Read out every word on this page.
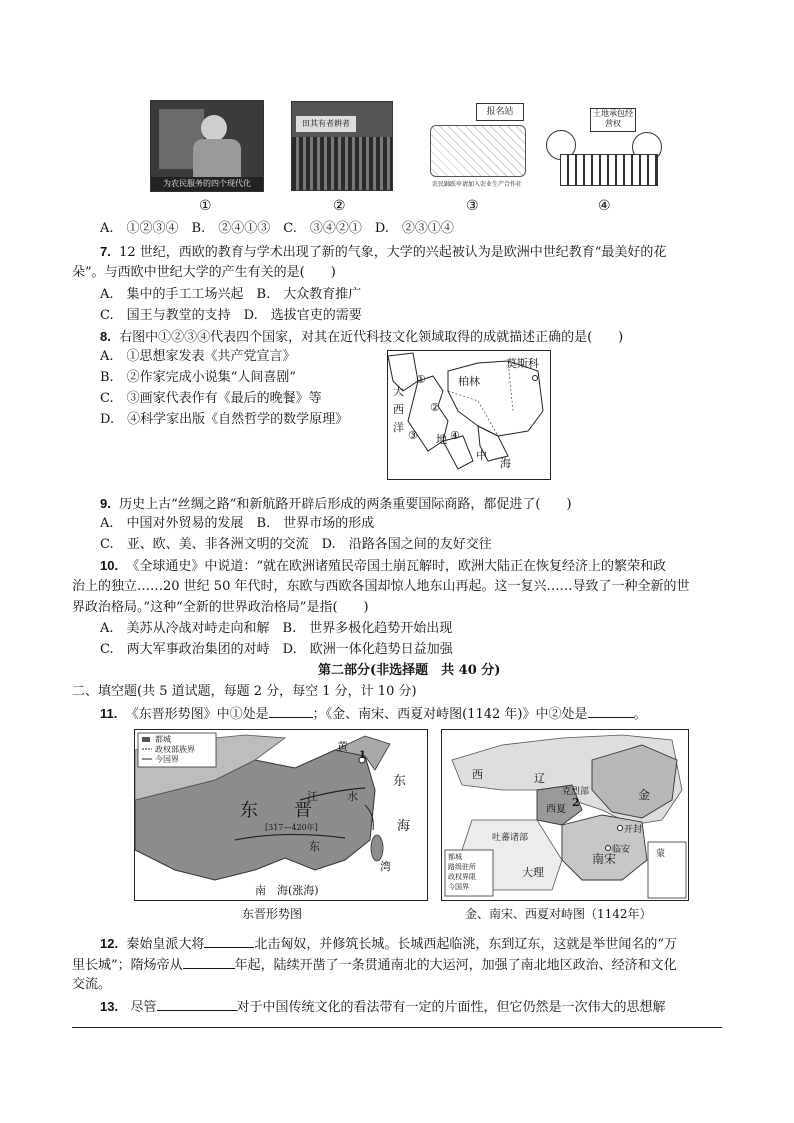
为农民服务的四个现代化
田其有者耕者
报名站
农民踊跃申请加入农业生产合作社
土地承包经营权
①	②	③	④
A.　①②③④　B.　②④①③　C.　③④②①　D.　②③①④
7. 12 世纪，西欧的教育与学术出现了新的气象，大学的兴起被认为是欧洲中世纪教育“最美好的花
朵”。与西欧中世纪大学的产生有关的是(　　)
A.　集中的手工工场兴起　B.　大众教育推广
C.　国王与教堂的支持　D.　选拔官吏的需要
8. 右图中①②③④代表四个国家，对其在近代科技文化领域取得的成就描述正确的是(　　)
A.　①思想家发表《共产党宣言》
B.　②作家完成小说集“人间喜剧”
C.　③画家代表作有《最后的晚餐》等
D.　④科学家出版《自然哲学的数学原理》
莫斯科
柏林
①
②
③	④
大
西
洋
地
中
海
9. 历史上古“丝绸之路”和新航路开辟后形成的两条重要国际商路，都促进了(　　)
A.　中国对外贸易的发展　B.　世界市场的形成
C.　亚、欧、美、非各洲文明的交流　D.　沿路各国之间的友好交往
10. 《全球通史》中说道：“就在欧洲诸殖民帝国土崩瓦解时，欧洲大陆正在恢复经济上的繁荣和政
治上的独立……20 世纪 50 年代时，东欧与西欧各国却惊人地东山再起。这一复兴……导致了一种全新的世
界政治格局。”这种“全新的世界政治格局”是指(　　)
A.　美苏从冷战对峙走向和解　B.　世界多极化趋势开始出现
C.　两大军事政治集团的对峙　D.　欧洲一体化趋势日益加强
第二部分(非选择题　共 40 分)
二、填空题(共 5 道试题，每题 2 分，每空 1 分，计 10 分)
11. 《东晋形势图》中①处是	；《金、南宋、西夏对峙图(1142 年)》中②处是	。
都城
政权部族界
今国界
东　　晋
[317—420年]
1
东
海
南　海(涨海)
江	水
东
黄
湾
西	辽
克烈部
西夏
金
南宋
吐蕃诸部
大理
开封
临安	蒙
2
都城
路级驻所
政权界限
今国界
东晋形势图	金、南宋、西夏对峙图（1142年）
12. 秦始皇派大将	北击匈奴，并修筑长城。长城西起临洮，东到辽东，这就是举世闻名的“万
里长城”；隋炀帝从	年起，陆续开凿了一条贯通南北的大运河，加强了南北地区政治、经济和文化
交流。
13. 尽管	对于中国传统文化的看法带有一定的片面性，但它仍然是一次伟大的思想解
